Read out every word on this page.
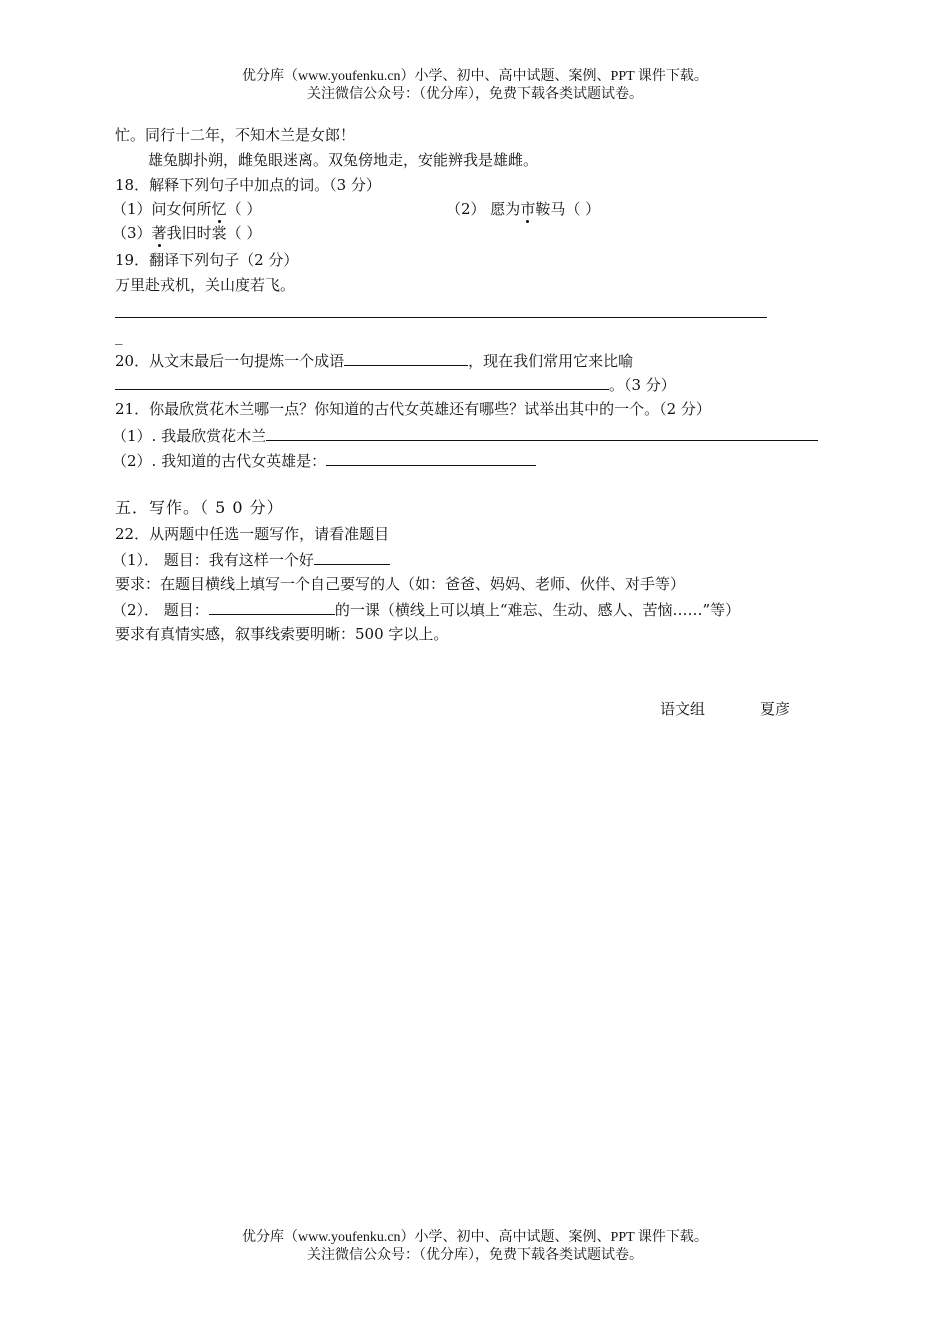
优分库（www.youfenku.cn）小学、初中、高中试题、案例、PPT 课件下载。
关注微信公众号：（优分库），免费下载各类试题试卷。
忙。同行十二年，不知木兰是女郎！
雄兔脚扑朔，雌兔眼迷离。双兔傍地走，安能辨我是雄雌。
18．解释下列句子中加点的词。（3 分）
（1）问女何所忆（ ）	（2） 愿为市鞍马（ ）
（3）著我旧时裳（ ）
19．翻译下列句子（2 分）
万里赴戎机，关山度若飞。
_
20．从文末最后一句提炼一个成语	，现在我们常用它来比喻
。（3 分）
21．你最欣赏花木兰哪一点？你知道的古代女英雄还有哪些？试举出其中的一个。（2 分）
（1）. 我最欣赏花木兰
（2）. 我知道的古代女英雄是：
五．写作。（ 5 0 分）
22．从两题中任选一题写作，请看准题目
（1）． 题目：我有这样一个好
要求：在题目横线上填写一个自己要写的人（如：爸爸、妈妈、老师、伙伴、对手等）
（2）． 题目：	的一课（横线上可以填上“难忘、生动、感人、苦恼……”等）
要求有真情实感，叙事线索要明晰：500 字以上。
语文组	夏彦
优分库（www.youfenku.cn）小学、初中、高中试题、案例、PPT 课件下载。
关注微信公众号：（优分库），免费下载各类试题试卷。
